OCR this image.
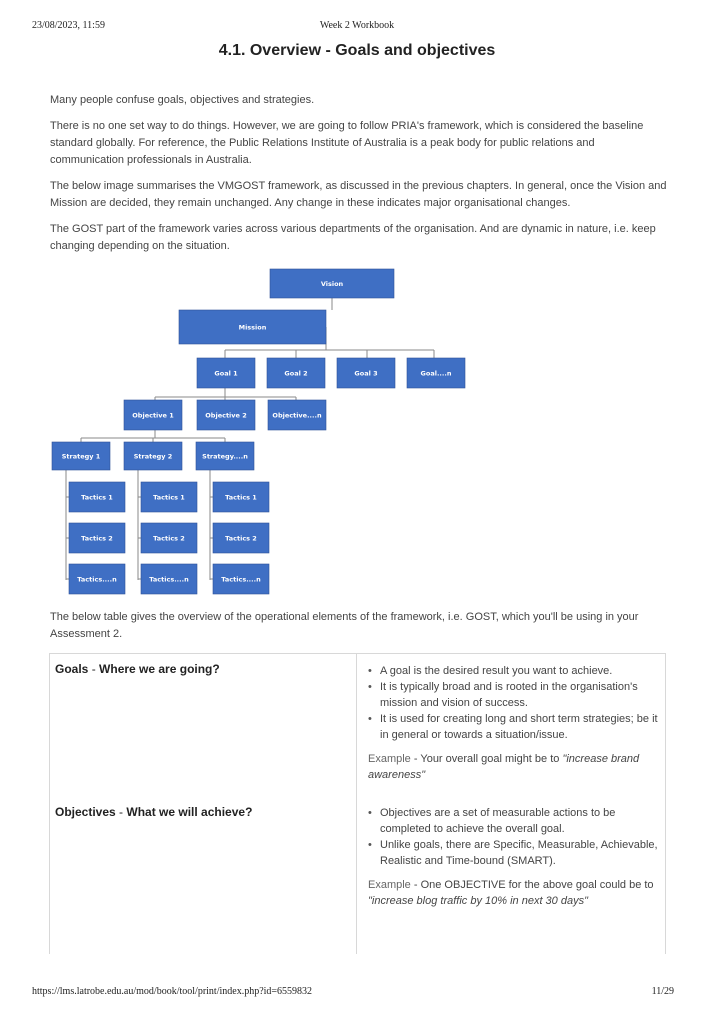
23/08/2023, 11:59	Week 2 Workbook
4.1. Overview - Goals and objectives

Many people confuse goals, objectives and strategies.

There is no one set way to do things. However, we are going to follow PRIA's framework, which is considered the baseline standard globally. For reference, the Public Relations Institute of Australia is a peak body for public relations and communication professionals in Australia.

The below image summarises the VMGOST framework, as discussed in the previous chapters. In general, once the Vision and Mission are decided, they remain unchanged. Any change in these indicates major organisational changes.

The GOST part of the framework varies across various departments of the organisation. And are dynamic in nature, i.e. keep changing depending on the situation.

The below table gives the overview of the operational elements of the framework, i.e. GOST, which you'll be using in your Assessment 2.

Vision
Mission
Goal 1	Goal 2	Goal 3	Goal....n
Objective 1	Objective 2	Objective....n
Strategy 1	Strategy 2	Strategy....n
Tactics 1	Tactics 1	Tactics 1
Tactics 2	Tactics 2	Tactics 2
Tactics....n	Tactics....n	Tactics....n
Goals - Where we are going?	• A goal is the desired result you want to achieve.
• It is typically broad and is rooted in the organisation's mission and vision of success.
• It is used for creating long and short term strategies; be it in general or towards a situation/issue.
Example - Your overall goal might be to "increase brand awareness"
Objectives - What we will achieve?	• Objectives are a set of measurable actions to be completed to achieve the overall goal.
• Unlike goals, there are Specific, Measurable, Achievable, Realistic and Time-bound (SMART).
Example - One OBJECTIVE for the above goal could be to "increase blog traffic by 10% in next 30 days"
https://lms.latrobe.edu.au/mod/book/tool/print/index.php?id=6559832	11/29
